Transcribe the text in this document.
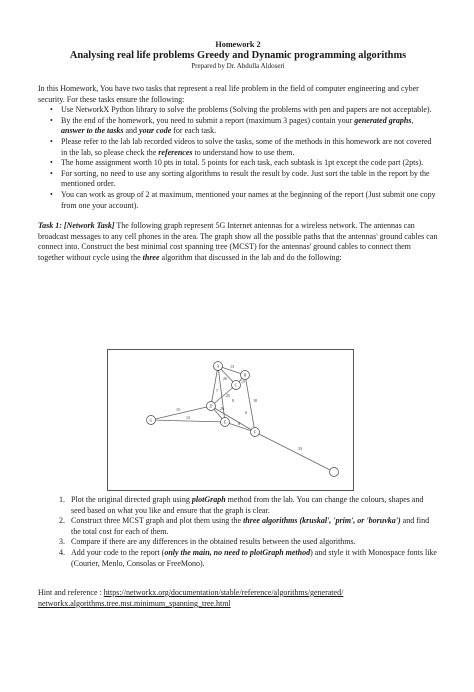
Homework 2
Analysing real life problems Greedy and Dynamic programming algorithms
Prepared by Dr. Abdulla Aldoseri

In this Homework, You have two tasks that represent a real life problem in the field of computer engineering and cyber security. For these tasks ensure the following:

• Use NetworkX Python library to solve the problems (Solving the problems with pen and papers are not acceptable).
• By the end of the homework, you need to submit a report (maximum 3 pages) contain your generated graphs, answer to the tasks and your code for each task.
• Please refer to the lab lab recorded videos to solve the tasks, some of the methods in this homework are not covered in the lab, so please check the references to understand how to use them.
• The home assignment worth 10 pts in total. 5 points for each task, each subtask is 1pt except the code part (2pts).
• For sorting, no need to use any sorting algorithms to result the result by code. Just sort the table in the report by the mentioned order.
• You can work as group of 2 at maximum, mentioned your names at the beginning of the report (Just submit one copy from one your account).

Task 1: [Network Task] The following graph represent 5G Internet antennas for a wireless network. The antennas can broadcast messages to any cell phones in the area. The graph show all the possible paths that the antennas' ground cables can connect into. Construct the best minimal cost spanning tree (MCST) for the antennas' ground cables to connect them together without cycle using the three algorithm that discussed in the lab and do the following:

1. Plot the original directed graph using plotGraph method from the lab. You can change the colours, shapes and seed based on what you like and ensure that the graph is clear.
2. Construct three MCST graph and plot them using the three algorithms (kruskal', 'prim', or 'boruvka') and find the total cost for each of them.
3. Compare if there are any differences in the obtained results between the used algorithms.
4. Add your code to the report (only the main, no need to plotGraph method) and style it with Monospace fonts like (Courier, Menlo, Consolas or FreeMono).

Hint and reference : https://networkx.org/documentation/stable/reference/algorithms/generated/
networkx.algorithms.tree.mst.minimum_spanning_tree.html

13
15
25
7
26
18
8
26
8
12
33
15
6
A
B
C
D
E
F
G
